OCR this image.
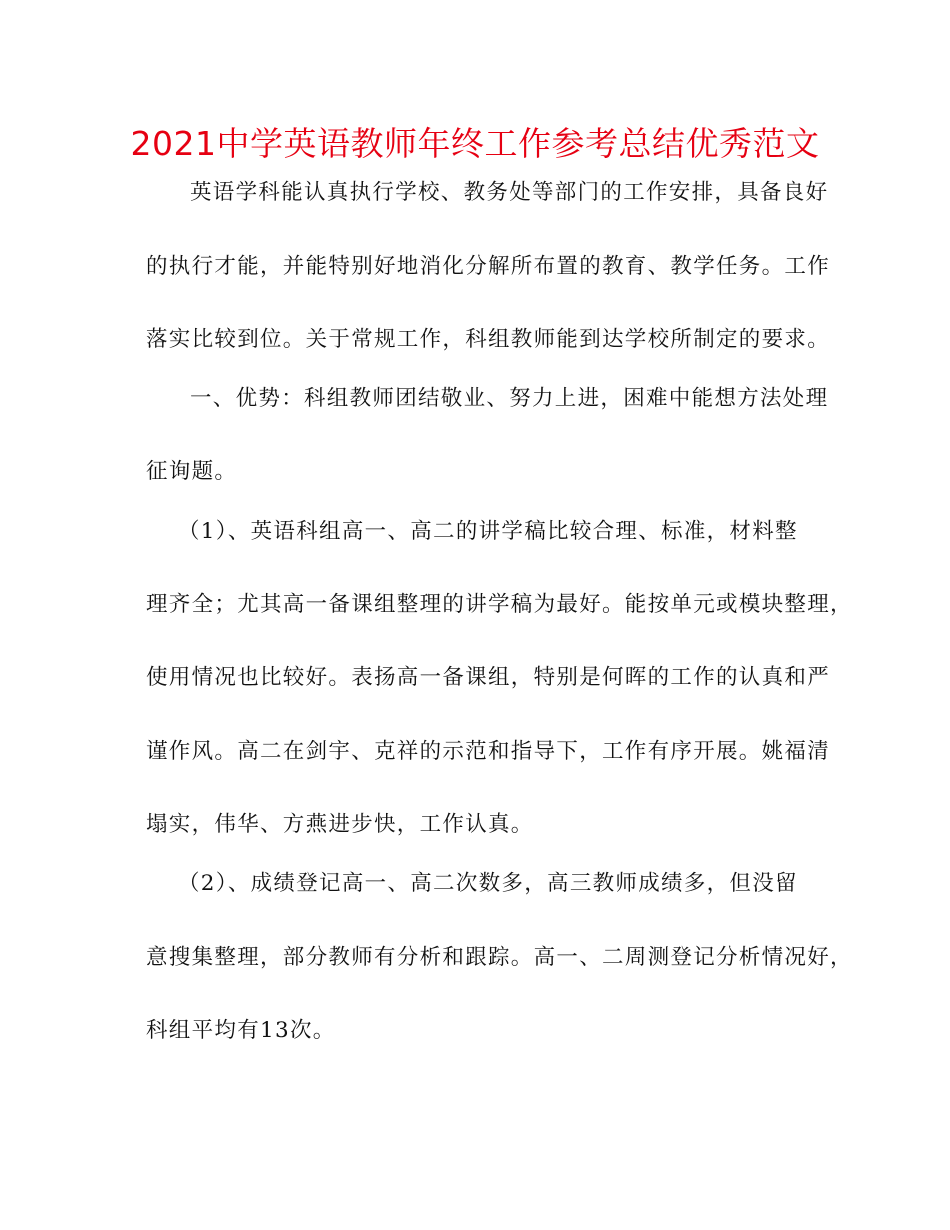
2021中学英语教师年终工作参考总结优秀范文

英语学科能认真执行学校、教务处等部门的工作安排，具备良好

的执行才能，并能特别好地消化分解所布置的教育、教学任务。工作

落实比较到位。关于常规工作，科组教师能到达学校所制定的要求。

一、优势：科组教师团结敬业、努力上进，困难中能想方法处理

征询题。

（1）、英语科组高一、高二的讲学稿比较合理、标准，材料整

理齐全；尤其高一备课组整理的讲学稿为最好。能按单元或模块整理，

使用情况也比较好。表扬高一备课组，特别是何晖的工作的认真和严

谨作风。高二在剑宇、克祥的示范和指导下，工作有序开展。姚福清

塌实，伟华、方燕进步快，工作认真。

（2）、成绩登记高一、高二次数多，高三教师成绩多，但没留

意搜集整理，部分教师有分析和跟踪。高一、二周测登记分析情况好，

科组平均有13次。
